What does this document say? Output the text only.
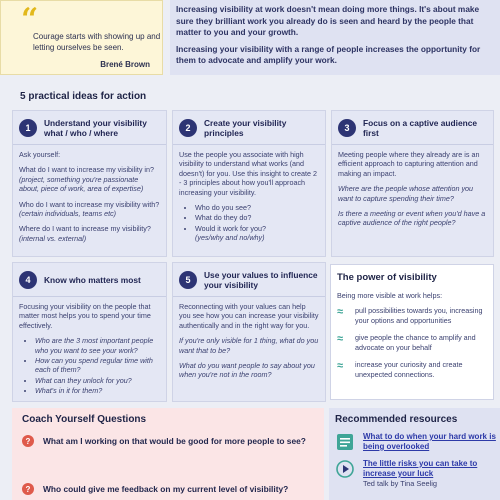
“
Courage starts with showing up and letting ourselves be seen.
Brené Brown

Increasing visibility at work doesn't mean doing more things. It's about make sure they brilliant work you already do is seen and heard by the people that matter to you and your growth.

Increasing your visibility with a range of people increases the opportunity for them to advocate and amplify your work.

5 practical ideas for action
1	Understand your visibility what / who / where

Ask yourself:

What do I want to increase my visibility in? (project, something you're passionate about, piece of work, area of expertise)

Who do I want to increase my visibility with? (certain individuals, teams etc)

Where do I want to increase my visibility? (internal vs. external)

2	Create your visibility principles

Use the people you associate with high visibility to understand what works (and doesn't) for you. Use this insight to create 2 - 3 principles about how you'll approach increasing your visibility.

• Who do you see?
• What do they do?
• Would it work for you?

(yes/why and no/why)

3	Focus on a captive audience first

Meeting people where they already are is an efficient approach to capturing attention and making an impact.

Where are the people whose attention you want to capture spending their time?

Is there a meeting or event when you'd have a captive audience of the right people?

4	Know who matters most

Focusing your visibility on the people that matter most helps you to spend your time effectively.

• Who are the 3 most important people who you want to see your work?
• How can you spend regular time with each of them?
• What can they unlock for you?
• What's in it for them?
5	Use your values to influence your visibility

Reconnecting with your values can help you see how you can increase your visibility authentically and in the right way for you.

If you're only visible for 1 thing, what do you want that to be?

What do you want people to say about you when you're not in the room?

The power of visibility
Being more visible at work helps:
≈	pull possibilities towards you, increasing your options and opportunities
≈	give people the chance to amplify and advocate on your behalf
≈	increase your curiosity and create unexpected connections.
Coach Yourself Questions
?	What am I working on that would be good for more people to see?
?	Who could give me feedback on my current level of visibility?
Recommended resources
What to do when your hard work is being overlooked
The little risks you can take to increase your luck
Ted talk by Tina Seelig
